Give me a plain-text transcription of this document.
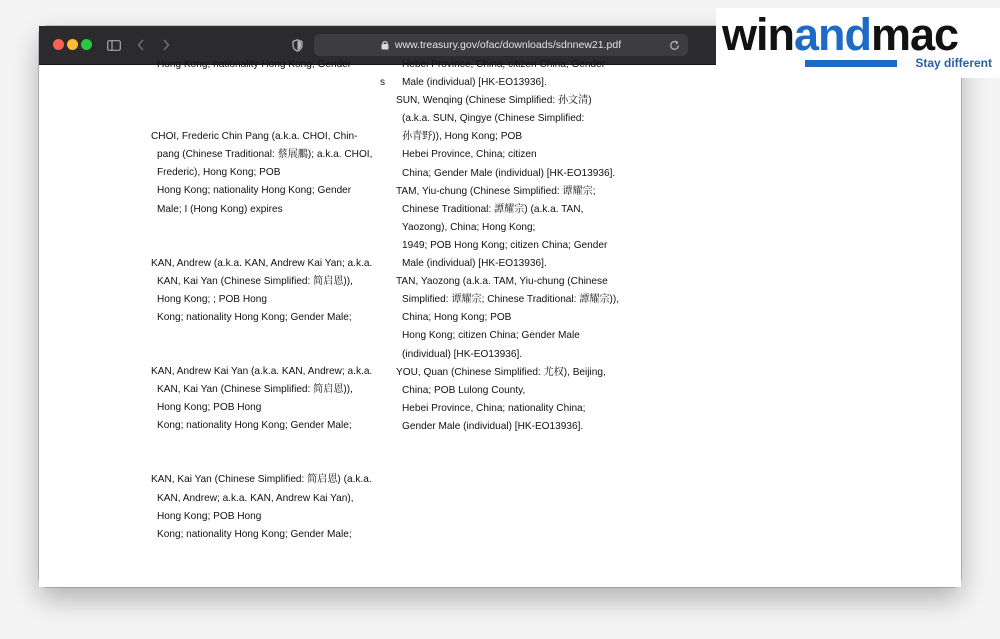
www.treasury.gov/ofac/downloads/sdnnew21.pdf
Hong Kong; nationality Hong Kong; Gender
s
CHOI, Frederic Chin Pang (a.k.a. CHOI, Chin-
pang (Chinese Traditional: 蔡展鵬); a.k.a. CHOI,
Frederic), Hong Kong; POB
Hong Kong; nationality Hong Kong; Gender
Male; I (Hong Kong) expires
KAN, Andrew (a.k.a. KAN, Andrew Kai Yan; a.k.a.
KAN, Kai Yan (Chinese Simplified: 简启恩)),
Hong Kong; ; POB Hong
Kong; nationality Hong Kong; Gender Male;
KAN, Andrew Kai Yan (a.k.a. KAN, Andrew; a.k.a.
KAN, Kai Yan (Chinese Simplified: 简启恩)),
Hong Kong; POB Hong
Kong; nationality Hong Kong; Gender Male;
KAN, Kai Yan (Chinese Simplified: 简启恩) (a.k.a.
KAN, Andrew; a.k.a. KAN, Andrew Kai Yan),
Hong Kong; POB Hong
Kong; nationality Hong Kong; Gender Male;
Hebei Province, China; citizen China; Gender
Male (individual) [HK-EO13936].
SUN, Wenqing (Chinese Simplified: 孙文清)
(a.k.a. SUN, Qingye (Chinese Simplified:
孙青野)), Hong Kong; POB
Hebei Province, China; citizen
China; Gender Male (individual) [HK-EO13936].
TAM, Yiu-chung (Chinese Simplified: 谭耀宗;
Chinese Traditional: 譚耀宗) (a.k.a. TAN,
Yaozong), China; Hong Kong;
1949; POB Hong Kong; citizen China; Gender
Male (individual) [HK-EO13936].
TAN, Yaozong (a.k.a. TAM, Yiu-chung (Chinese
Simplified: 谭耀宗; Chinese Traditional: 譚耀宗)),
China; Hong Kong; POB
Hong Kong; citizen China; Gender Male
(individual) [HK-EO13936].
YOU, Quan (Chinese Simplified: 尤权), Beijing,
China; POB Lulong County,
Hebei Province, China; nationality China;
Gender Male (individual) [HK-EO13936].
winandmac
Stay different
